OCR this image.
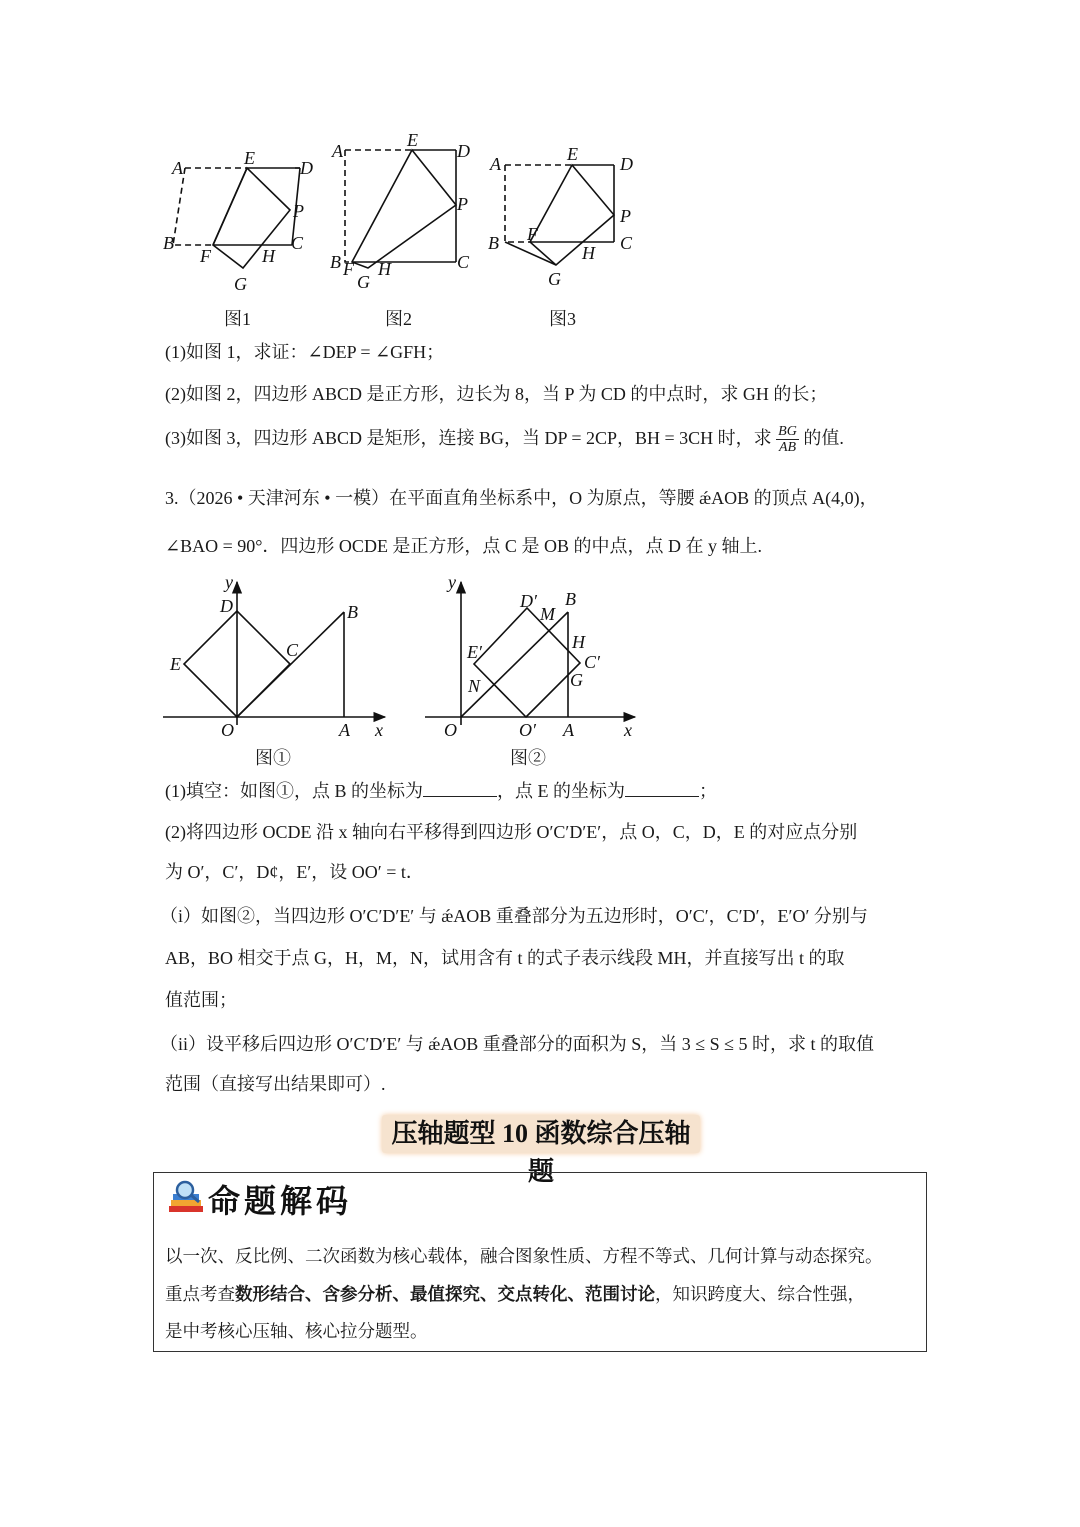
A	E	D
P
B
F	H
C
G
A
E
D
P
B F H	C
G
A	E D
P
B F
H C
G
图1	图2	图3
(1)如图 1，求证：∠DEP = ∠GFH；
(2)如图 2，四边形 ABCD 是正方形，边长为 8，当 P 为 CD 的中点时，求 GH 的长；
(3)如图 3，四边形 ABCD 是矩形，连接 BG，当 DP = 2CP，BH = 3CH 时，求 $\frac{BG}{AB}$ 的值.
3.（2026 • 天津河东 • 一模）在平面直角坐标系中，O 为原点，等腰 ǽAOB 的顶点 A(4,0)，
∠BAO = 90°．四边形 OCDE 是正方形，点 C 是 OB 的中点，点 D 在 y 轴上.
y
x
D
E
C
B
O	A
y
x
O	O′ A
D′
M
B
H
C′
G
E′
N
图①	图②
(1)填空：如图①，点 B 的坐标为	，点 E 的坐标为	；
(2)将四边形 OCDE 沿 x 轴向右平移得到四边形 O′C′D′E′，点 O，C，D，E 的对应点分别
为 O′，C′，D¢，E′，设 OO′ = t．
（i）如图②，当四边形 O′C′D′E′ 与 ǽAOB 重叠部分为五边形时，O′C′，C′D′，E′O′ 分别与
AB，BO 相交于点 G，H，M，N，试用含有 t 的式子表示线段 MH，并直接写出 t 的取
值范围；
（ii）设平移后四边形 O′C′D′E′ 与 ǽAOB 重叠部分的面积为 S，当 3 ≤ S ≤ 5 时，求 t 的取值
范围（直接写出结果即可）.
压轴题型 10 函数综合压轴题
命题解码
以一次、反比例、二次函数为核心载体，融合图象性质、方程不等式、几何计算与动态探究。
重点考查数形结合、含参分析、最值探究、交点转化、范围讨论，知识跨度大、综合性强，
是中考核心压轴、核心拉分题型。
